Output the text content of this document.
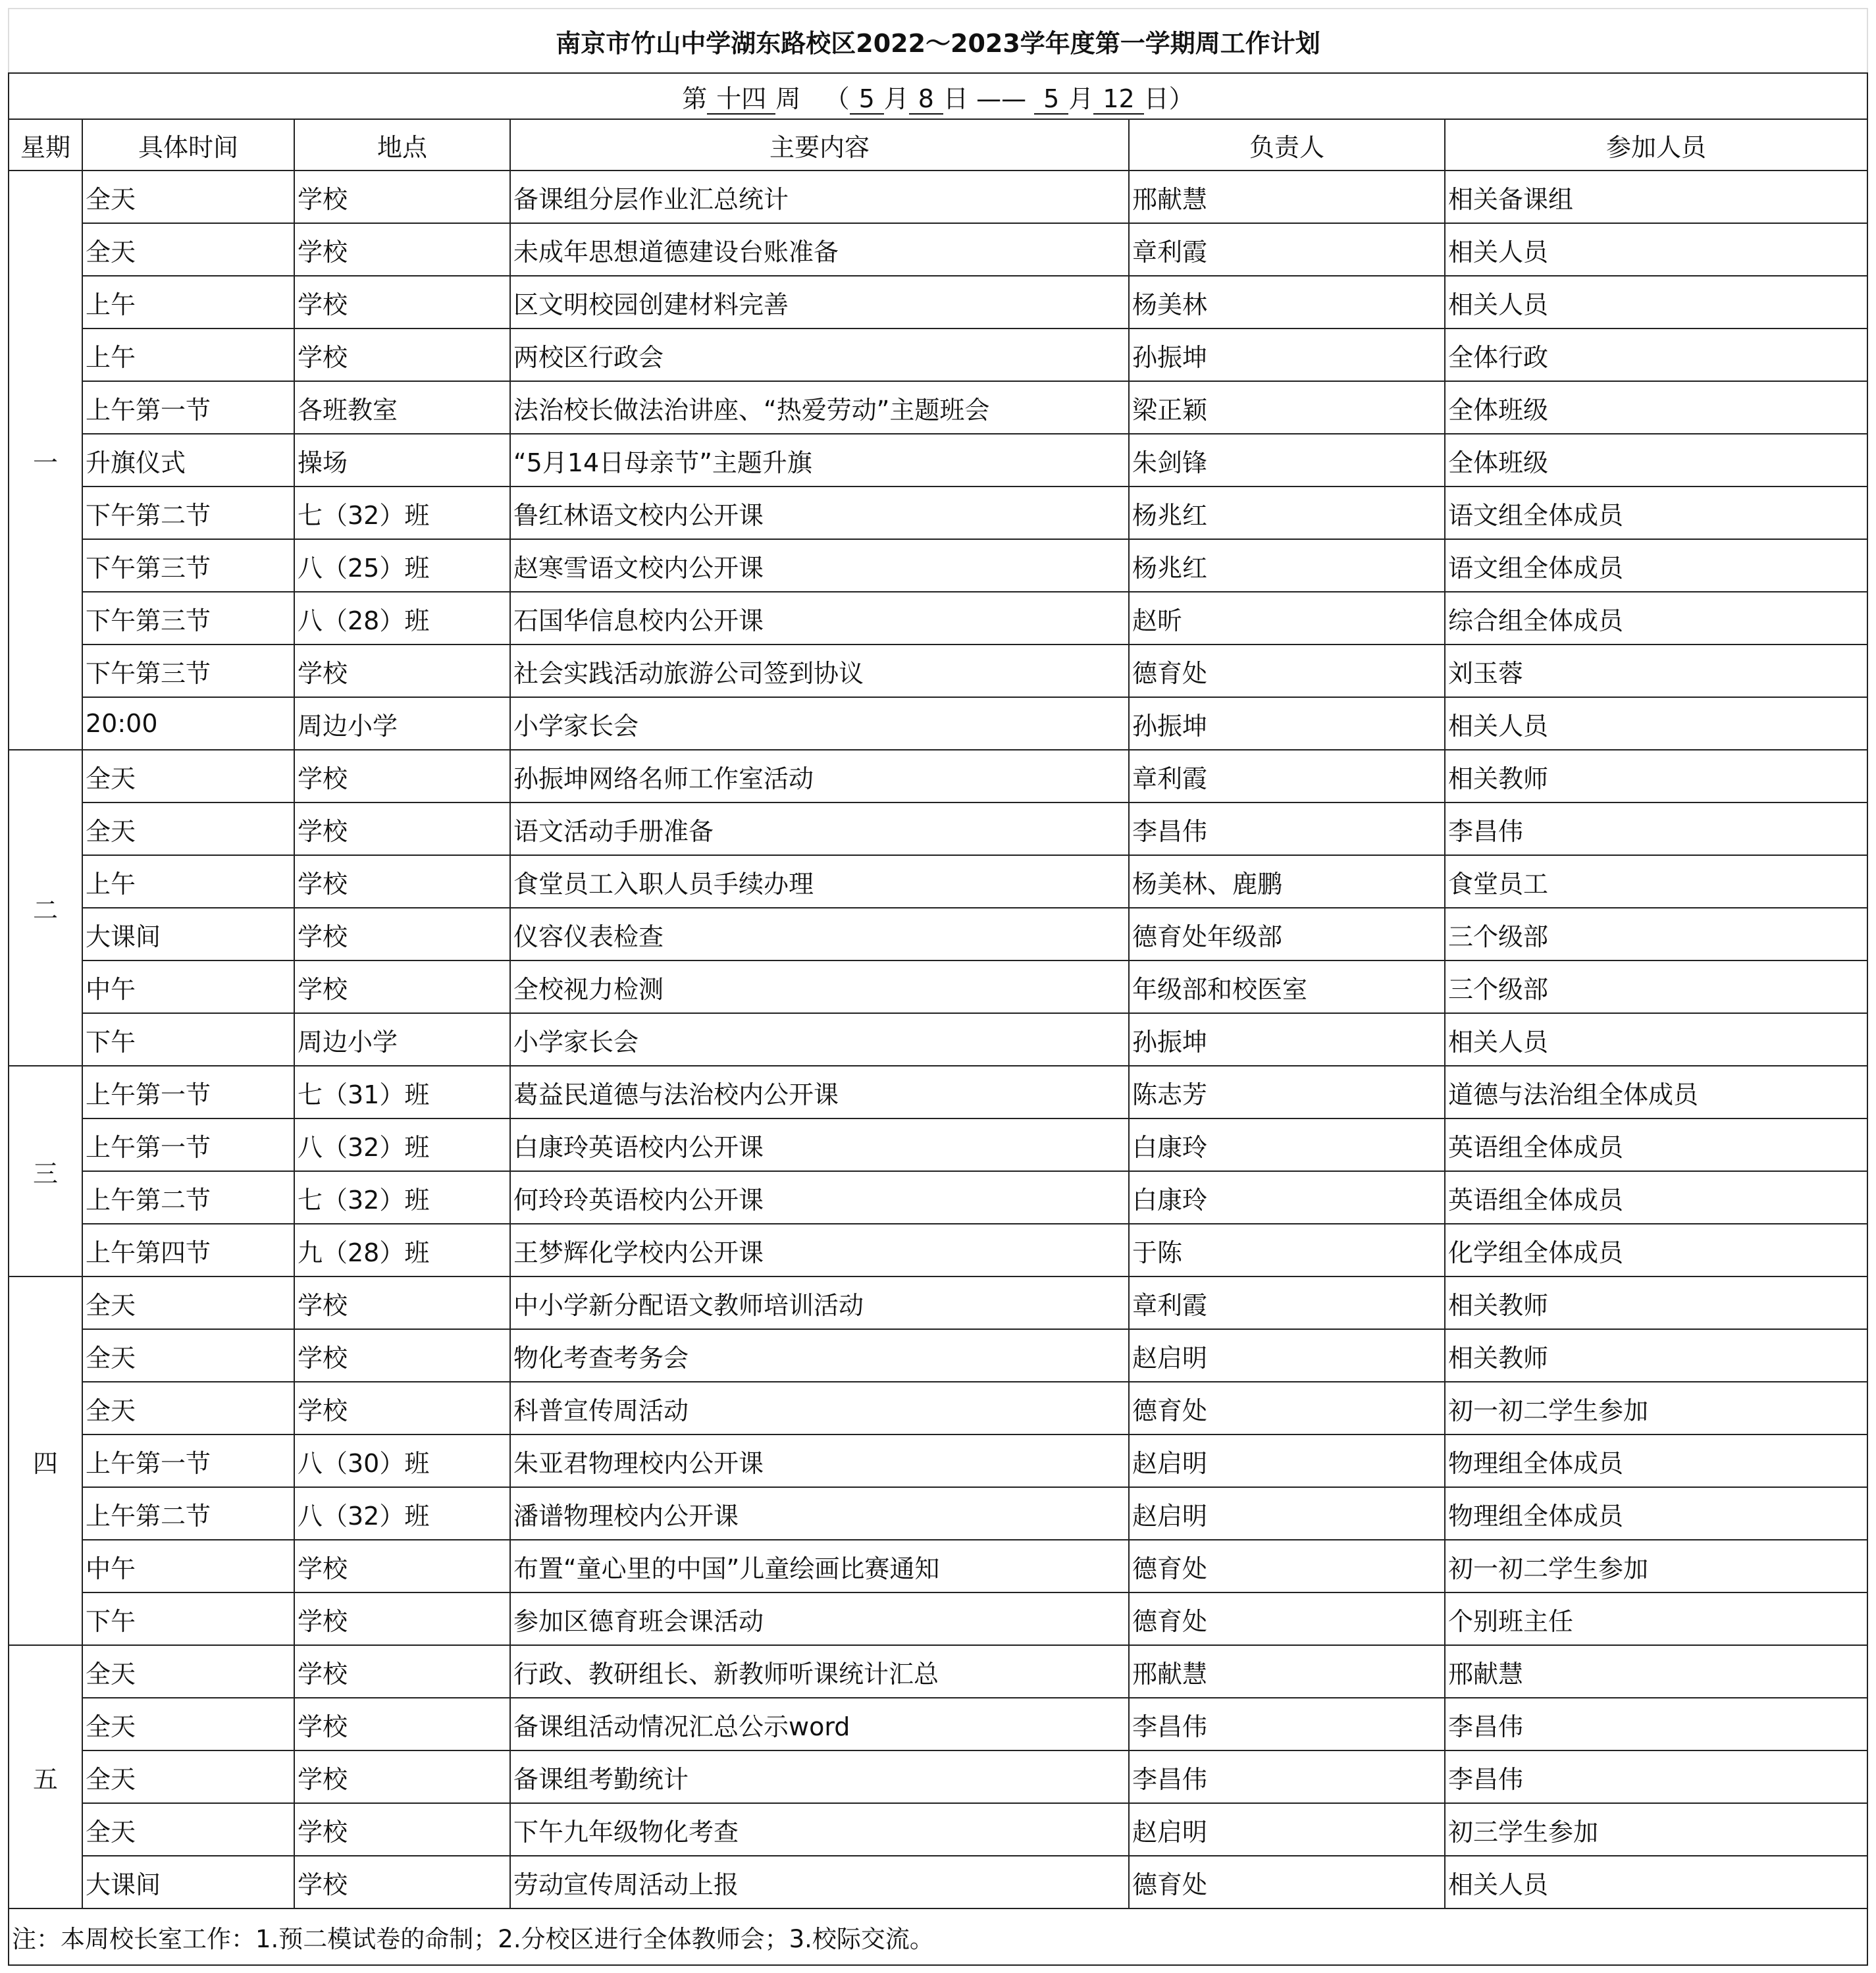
南京市竹山中学湖东路校区2022～2023学年度第一学期周工作计划					
第 十四 周 （ 5 月 8 日 —— 5 月 12 日）					
星期	具体时间	地点	主要内容	负责人	参加人员
一	全天	学校	备课组分层作业汇总统计	邢献慧	相关备课组
	全天	学校	未成年思想道德建设台账准备	章利霞	相关人员
	上午	学校	区文明校园创建材料完善	杨美林	相关人员
	上午	学校	两校区行政会	孙振坤	全体行政
	上午第一节	各班教室	法治校长做法治讲座、“热爱劳动”主题班会	梁正颖	全体班级
	升旗仪式	操场	“5月14日母亲节”主题升旗	朱剑锋	全体班级
	下午第二节	七（32）班	鲁红林语文校内公开课	杨兆红	语文组全体成员
	下午第三节	八（25）班	赵寒雪语文校内公开课	杨兆红	语文组全体成员
	下午第三节	八（28）班	石国华信息校内公开课	赵昕	综合组全体成员
	下午第三节	学校	社会实践活动旅游公司签到协议	德育处	刘玉蓉
	20:00	周边小学	小学家长会	孙振坤	相关人员
二	全天	学校	孙振坤网络名师工作室活动	章利霞	相关教师
	全天	学校	语文活动手册准备	李昌伟	李昌伟
	上午	学校	食堂员工入职人员手续办理	杨美林、鹿鹏	食堂员工
	大课间	学校	仪容仪表检查	德育处年级部	三个级部
	中午	学校	全校视力检测	年级部和校医室	三个级部
	下午	周边小学	小学家长会	孙振坤	相关人员
三	上午第一节	七（31）班	葛益民道德与法治校内公开课	陈志芳	道德与法治组全体成员
	上午第一节	八（32）班	白康玲英语校内公开课	白康玲	英语组全体成员
	上午第二节	七（32）班	何玲玲英语校内公开课	白康玲	英语组全体成员
	上午第四节	九（28）班	王梦辉化学校内公开课	于陈	化学组全体成员
四	全天	学校	中小学新分配语文教师培训活动	章利霞	相关教师
	全天	学校	物化考查考务会	赵启明	相关教师
	全天	学校	科普宣传周活动	德育处	初一初二学生参加
	上午第一节	八（30）班	朱亚君物理校内公开课	赵启明	物理组全体成员
	上午第二节	八（32）班	潘谱物理校内公开课	赵启明	物理组全体成员
	中午	学校	布置“童心里的中国”儿童绘画比赛通知	德育处	初一初二学生参加
	下午	学校	参加区德育班会课活动	德育处	个别班主任
五	全天	学校	行政、教研组长、新教师听课统计汇总	邢献慧	邢献慧
	全天	学校	备课组活动情况汇总公示word	李昌伟	李昌伟
	全天	学校	备课组考勤统计	李昌伟	李昌伟
	全天	学校	下午九年级物化考查	赵启明	初三学生参加
	大课间	学校	劳动宣传周活动上报	德育处	相关人员
注：本周校长室工作：1.预二模试卷的命制；2.分校区进行全体教师会；3.校际交流。					
